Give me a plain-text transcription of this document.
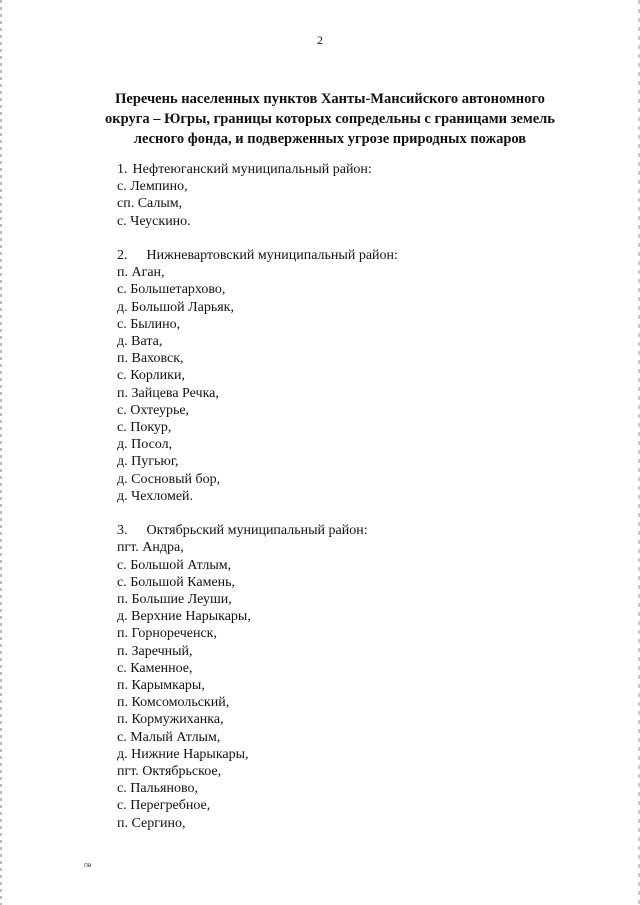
2
Перечень населенных пунктов Ханты-Мансийского автономного
округа – Югры, границы которых сопредельны с границами земель
лесного фонда, и подверженных угрозе природных пожаров
1. Нефтеюганский муниципальный район:
с. Лемпино,
сп. Салым,
с. Чеускино.
2. Нижневартовский муниципальный район:
п. Аган,
с. Большетархово,
д. Большой Ларьяк,
с. Былино,
д. Вата,
п. Ваховск,
с. Корлики,
п. Зайцева Речка,
с. Охтеурье,
с. Покур,
д. Посол,
д. Пугьюг,
д. Сосновый бор,
д. Чехломей.
3. Октябрьский муниципальный район:
пгт. Андра,
с. Большой Атлым,
с. Большой Камень,
п. Большие Леуши,
д. Верхние Нарыкары,
п. Горнореченск,
п. Заречный,
с. Каменное,
п. Карымкары,
п. Комсомольский,
п. Кормужиханка,
с. Малый Атлым,
д. Нижние Нарыкары,
пгт. Октябрьское,
с. Пальяново,
с. Перегребное,
п. Сергино,
пв
